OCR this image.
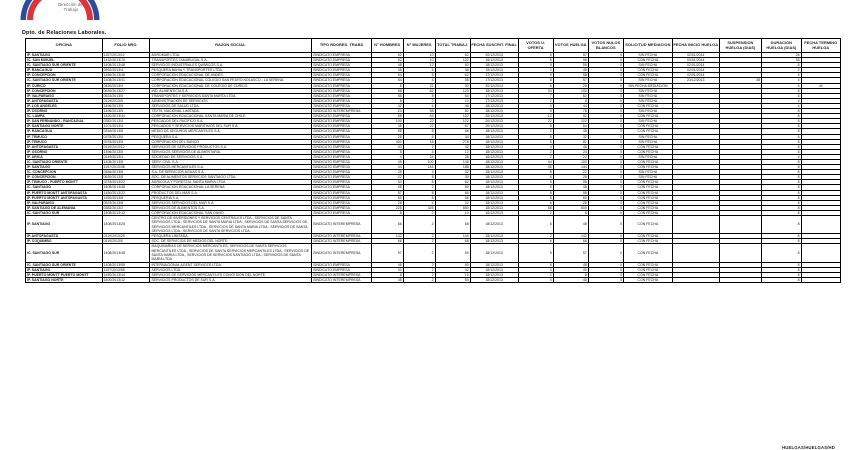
Dirección del
Trabajo
Dpto. de Relaciones Laborales.
OFICINA	FOLIO NRO.	RAZON SOCIAL.	TIPO RDORES. TRABS	N° HOMBRES	N° MUJERES	TOTAL TRABAJ.	FECHA SUSCRIT. FINAL	VOTOS U. OFERTA	VOTOS HUELGA	VOTOS NULOS BLANCOS	SOLICITUD MEDIACION	FECHA INICIO HUELGA	SUSPENSION HUELGA (DIAS)	DURACION HUELGA (DIAS)	FECHA TERMINO HUELGA
IP. SANTIAGO	1157/2013/12	AGROMAR LTDA.	SINDICATO EMPRESA	52	10	62	20/12/2013	5	57	0	SIN FECHA	02/01/2014		28	
IC. SAN MIGUEL	1432/2013/76	TRANSPORTES TAMARUGAL S.A.	SINDICATO EMPRESA	92	10	102	16/12/2013	8	98	0	CON FECHA	03/01/2014		35	
IC. SANTIAGO SUR ORIENTE	1408/2013/48	SERVICIOS INDUSTRIALES QUIMICOS S.A.	SINDICATO EMPRESA	48	12	60	18/12/2013	9	55	0	SIN FECHA	02/01/2014		8	
IP. RANCAGUA	0592/2013/4	PESQUERA BAHIA Y TRANSPORTES LTDA.	SINDICATO EMPRESA	48	4	48	19/12/2013	2	48	0	CON FECHA	02/01/2014		2	
IP. CONCEPCION	1456/2013/46	CORPORACION EDUCACIONAL DE ANDES.	SINDICATO EMPRESA	54	8	62	17/12/2013	9	58	0	CON FECHA	02/01/2014		5	
IC. SANTIAGO SUR ORIENTE	1408/2013/41	CORPORACION EDUCACIONAL COLEGIO SAN PEDRO NOLASCO - LA SERENA.	SINDICATO EMPRESA	54	4	58	17/12/2013	8	57	0	SIN FECHA	23/12/2013	48	4	
IP. CURICO	0426/2013/9	CORPORACION EDUCACIONAL DE COLEGIO DE CURICO.	SINDICATO EMPRESA	8	22	30	20/12/2013	6	28	0	SIN FECHA MEDIACION			5	44
IP. CONCEPCION	0639/2013/27	IND. ALIMENTICIA S.A.	SINDICATO EMPRESA	58	62	120	18/12/2013	34	100	0	SIN FECHA			8	
IP. VALPARAISO	0523/2013/5	TRANSPORTES Y SERVICIOS SANTA MARTA LTDA.	SINDICATO EMPRESA	56	8	64	17/12/2013	7	62	0	SIN FECHA			6	
IP. ANTOFAGASTA	0119/2013/5	ADMINISTRACION DE SERVICIOS.	SINDICATO EMPRESA	8	2	10	17/12/2013	2	8	0	SIN FECHA			4	
IP. LOS ANGELES	1496/2013/9	SERVICIOS DE SALUD LTDA.	SINDICATO EMPRESA	42	4	46	18/12/2013	4	44	0	CON FECHA			4	
IP. OSORNO	1496/2013/5	TEXTIL NACIONAL LIMITADA.	SINDICATO INTEREMPRESA	24	58	82	18/12/2013	9	78	0	SIN FECHA			8	
IC. LAMPA	1420/2013/44	CORPORACION EDUCACIONAL SANTA MARIA DE CHILE.	SINDICATO EMPRESA	58	44	102	20/12/2013	12	92	0	CON FECHA			8	
IP. SAN FERNANDO - RANCAGUA	0382/2013/4	PESCADOS DEL PACIFICO S.A.	SINDICATO EMPRESA	100	22	122	20/12/2013	22	102	0	SIN FECHA			6	
IP. SANTIAGO NORTE	1201/2013/4	PESCADOS Y SERVICIOS MARITIMOS DEL SUR S.A.	SINDICATO EMPRESA	45	22	67	20/12/2013	8	64	0	CON FECHA			8	
IP. RANCAGUA	0318/2013/8	MEDIO DE SEGUROS MERCANTILES S.A.	SINDICATO EMPRESA	58	8	66	18/12/2013	2	48	0	CON FECHA			8	
IP. TEMUCO	0378/2013/5	PESQUERA S.A.	SINDICATO EMPRESA	28	6	34	18/12/2013	6	32	0	SIN FECHA			6	
IP. TEMUCO	0378/2013/5	CORPORACION DEL BANCO.	SINDICATO EMPRESA	400	18	278	18/12/2013	6	82	0	SIN FECHA			8	
IP. ANTOFAGASTA	0119/2013/12	SERVICIOS DE SERVICIOS PRODUCTOS S.A.	SINDICATO EMPRESA	40	2	42	18/12/2013	4	48	0	CON FECHA			8	
IP. OSORNO	1496/2013/5	SERVICIOS SERVICIOS DE ALIMENTARIA.	SINDICATO EMPRESA	8	4	12	18/12/2013	2	24	0	CON FECHA			6	
IP. ARICA	0149/2013/4	SOCIEDAD DE SERVICIOS S.A.	SINDICATO EMPRESA	4	24	28	18/12/2013	2	22	0	SIN FECHA			4	
IC. SANTIAGO ORIENTE	1408/2013/8	SERV. CIVIL S.A.	SINDICATO EMPRESA	45	100	145	18/12/2013	44	100	0	CON FECHA			8	
IP. SANTIAGO	1157/2013/48	SERVICIOS MERCANTILES S.A.	SINDICATO EMPRESA	44	144	188	18/12/2013	45	144	0	CON FECHA			8	
IC. CONCEPCION	0456/2013/8	S.A. DE SERVICIOS AGUAS S.A.	SINDICATO EMPRESA	28	4	32	18/12/2013	8	22	0	SIN FECHA			8	
IP. CONCEPCION	0639/2013/8	SOC. DE ALIMENTOS SERVICIOS SANTIAGO LTDA.	SINDICATO EMPRESA	22	8	30	18/12/2013	6	28	0	SIN FECHA			8	
IP. TEMUCO - PUERTO MONTT	0378/2013/22	AGRICOLA Y FORESTAL SANTA MARIA LTDA.	SINDICATO EMPRESA	54	8	62	18/12/2013	5	58	0	CON FECHA			8	
IC. SANTIAGO	1408/2013/48	CORPORACION EDUCACIONAL LA SERENA.	SINDICATO EMPRESA	48	2	50	18/12/2013	5	48	0	CON FECHA			8	
IP. PUERTO MONTT ANTOFAGASTA	1450/2013/22	PRODUCTOS DEL MAR S.A.	SINDICATO EMPRESA	57	8	65	18/12/2013	8	58	0	CON FECHA			8	
IP. PUERTO MONTT ANTOFAGASTA	1450/2013/8	PESQUERIA S.A.	SINDICATO EMPRESA	60	8	68	18/12/2013	8	60	0	CON FECHA			8	
IP. VALPARAISO	0523/2013/8	SERVICIOS SERVICIOS DEL MAR S.A.	SINDICATO EMPRESA	28	4	32	18/12/2013	6	28	0	CON FECHA			8	
IP. SANTIAGO DE ALEMANIA	0382/2013/2	SERVICIOS DE ALIMENTOS S.A.	SINDICATO EMPRESA	225	425	650	18/12/2013	58	600	0	CON FECHA			8	
IC. SANTIAGO SUR	1408/2013/12	CORPORACION EDUCACIONAL SAN DAVID.	SINDICATO EMPRESA	8	2	10	18/12/2013	2	8	0	CON FECHA			8	
IP. SANTIAGO	1408/2013/25	CENTRO DE INVERSIONES Y SERVICIOS CENTRALES LTDA., SERVICIOS DE SANTA SERVICIOS LTDA., SERVICIOS DE SANTA MARIA LTDA., SERVICIOS DE SANTA SERVICIOS DE SERVICIOS MERCANTILES LTDA., SERVICIOS DE SANTA MARIA LTDA., SERVICIOS DE SANTA SERVICIOS LTDA., SERVICIOS DE SANTA SERVICIOS LTDA.	SINDICATO INTEREMPRESA	66	2	68	18/12/2013	6	48	0	CON FECHA			8	
IP. ANTOFAGASTA	0119/2013/25	PESQUERA LIMITADA.	SINDICATO INTEREMPRESA	142	2	144	18/12/2013	2	142	0	CON FECHA			8	
IP. COQUIMBO	0119/2013/5	SOC. DE SERVICIOS DE MEDIOS DEL NORTE.	SINDICATO INTEREMPRESA	66	2	68	18/12/2013	6	66	0	CON FECHA			8	
IC. SANTIAGO SUR	1408/2013/48	MAQUINARIAS DE SERVICIOS MERCANTILES, SERVICIOS DE SANTA SERVICIOS MERCANTILES LTDA., SERVICIOS DE SANTA SERVICIOS MERCANTILES LTDA., SERVICIOS DE SANTA MARIA LTDA., SERVICIOS DE SERVICIOS SANTIAGO LTDA., SERVICIOS DE SANTA MARIA LTDA.	SINDICATO INTEREMPRESA	57	2	59	18/12/2013	5	57	0	CON FECHA			8	
IC. SANTIAGO SUR ORIENTE	1408/2013/55	INTERNACIONAL AGENT SERVICES LTDA.	SINDICATO EMPRESA	48	2	50	18/12/2013	5	48	0	CON FECHA			8	
IP. SANTIAGO	1157/2013/55	SERVICIOS LTDA.	SINDICATO EMPRESA	40	2	42	18/12/2013	4	40	0	CON FECHA			8	
IP. PUERTO MONTT PUERTO MONTT	1450/2013/44	SERVICIOS DE SERVICIOS MERCANTILES CONCESION DEL NORTE.	SINDICATO INTEREMPRESA	8	2	10	18/12/2013	2	8	0	CON FECHA			8	
IP. SANTIAGO NORTE	1400/2013/12	SERVICIOS PRODUCTOS DE SUR S.A.	SINDICATO INTEREMPRESA	48	2	50	18/12/2013	5	48	0	CON FECHA			8	
HUELGAS/HUELGAS/HD
